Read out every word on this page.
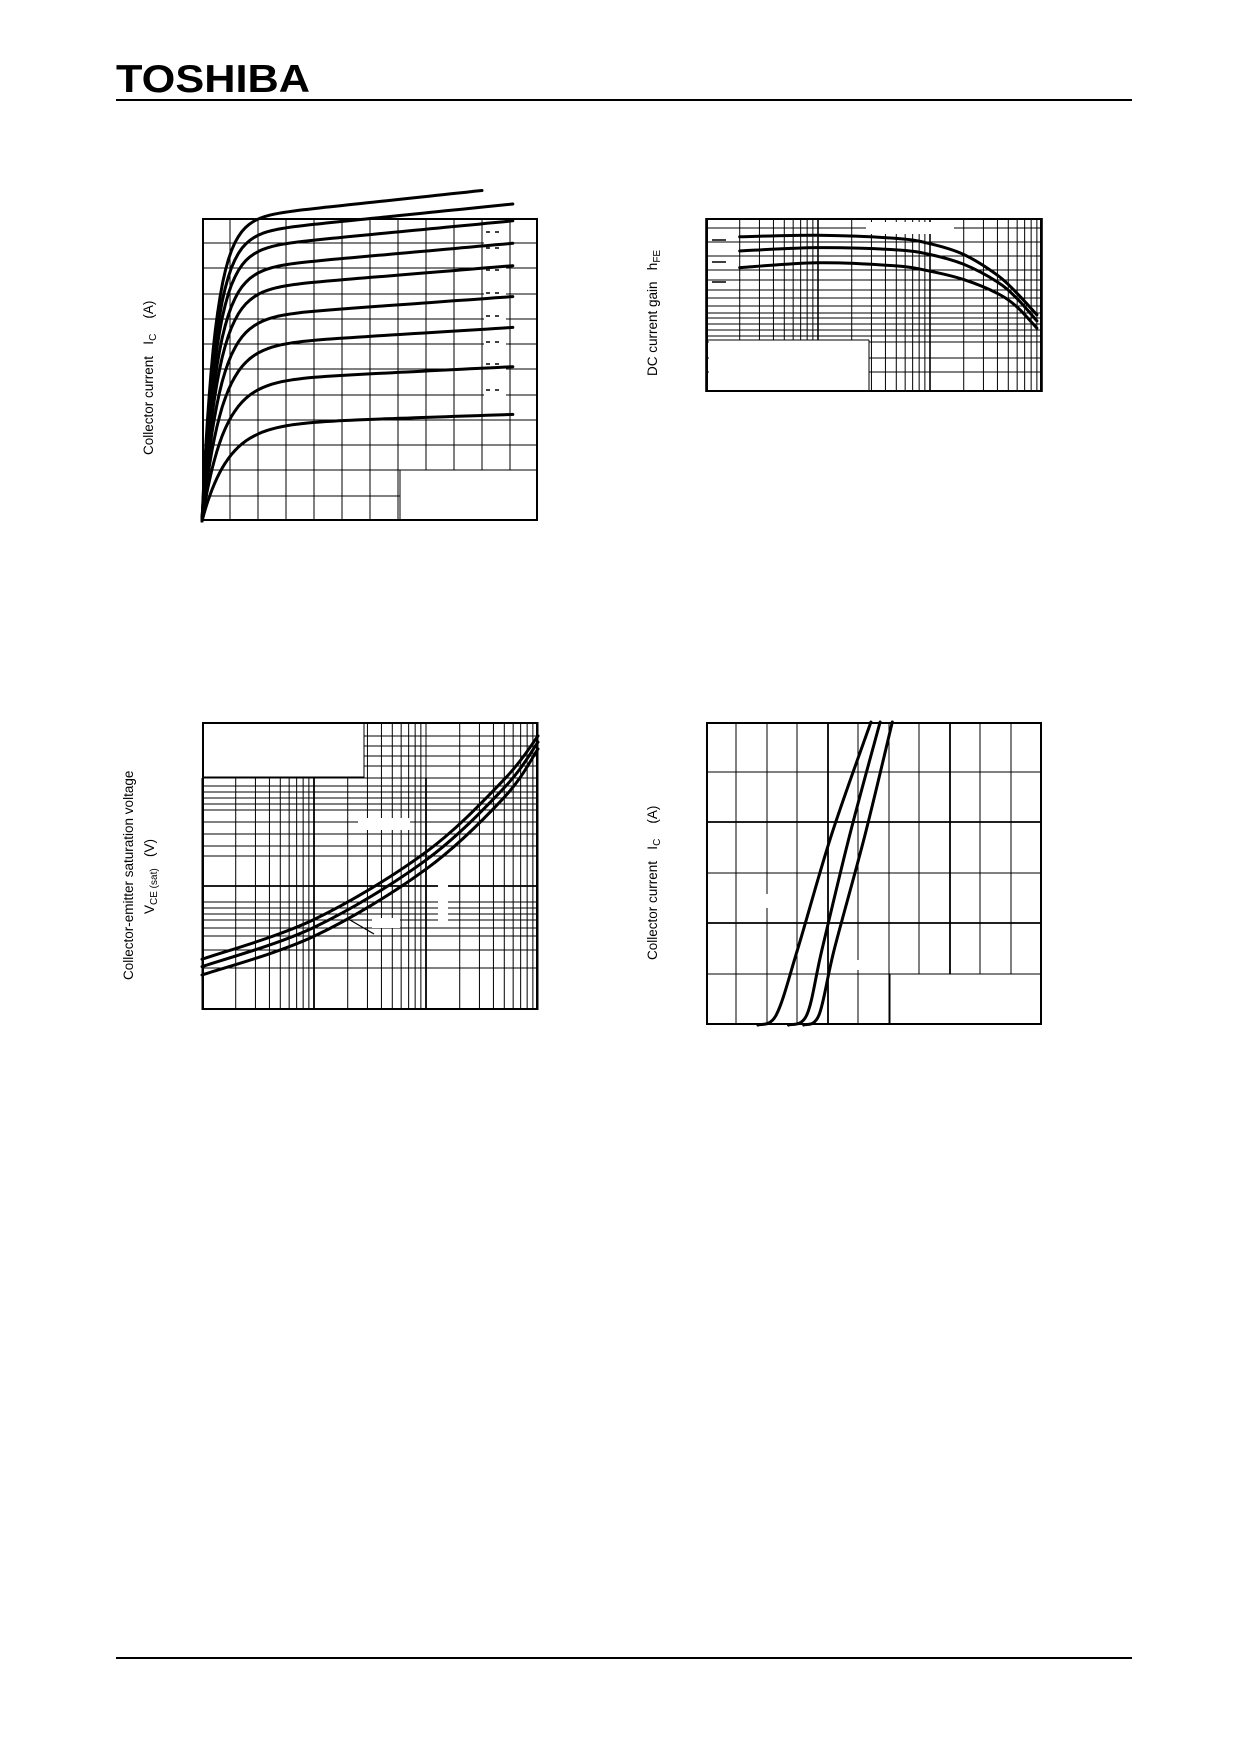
TOSHIBA
Collector current   $I_C$    (A)	DC current gain   $h_{FE}$
Collector-emitter saturation voltage $V_{CE (sat)}$   (V)
Collector current   $I_C$    (A)
